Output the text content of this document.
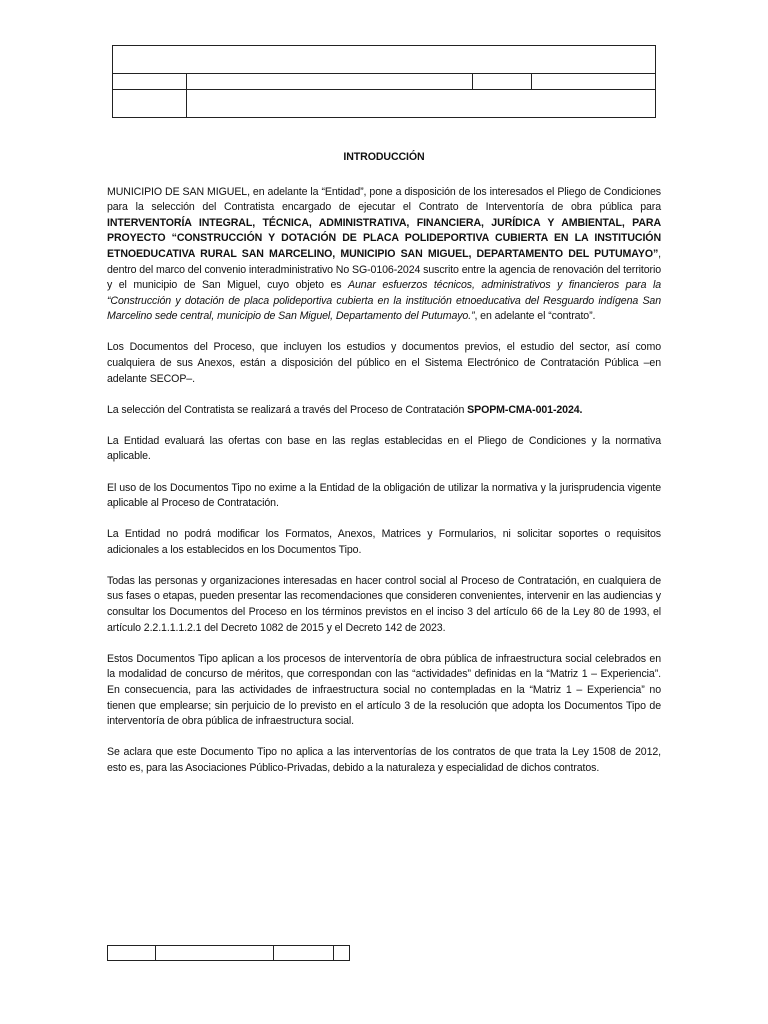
INTRODUCCIÓN

MUNICIPIO DE SAN MIGUEL, en adelante la “Entidad”, pone a disposición de los interesados el Pliego de Condiciones para la selección del Contratista encargado de ejecutar el Contrato de Interventoría de obra pública para INTERVENTORÍA INTEGRAL, TÉCNICA, ADMINISTRATIVA, FINANCIERA, JURÍDICA Y AMBIENTAL, PARA PROYECTO “CONSTRUCCIÓN Y DOTACIÓN DE PLACA POLIDEPORTIVA CUBIERTA EN LA INSTITUCIÓN ETNOEDUCATIVA RURAL SAN MARCELINO, MUNICIPIO SAN MIGUEL, DEPARTAMENTO DEL PUTUMAYO”, dentro del marco del convenio interadministrativo No SG-0106-2024 suscrito entre la agencia de renovación del territorio y el municipio de San Miguel, cuyo objeto es Aunar esfuerzos técnicos, administrativos y financieros para la “Construcción y dotación de placa polideportiva cubierta en la institución etnoeducativa del Resguardo indígena San Marcelino sede central, municipio de San Miguel, Departamento del Putumayo.”, en adelante el “contrato”.

Los Documentos del Proceso, que incluyen los estudios y documentos previos, el estudio del sector, así como cualquiera de sus Anexos, están a disposición del público en el Sistema Electrónico de Contratación Pública –en adelante SECOP–.

La selección del Contratista se realizará a través del Proceso de Contratación SPOPM-CMA-001-2024.

La Entidad evaluará las ofertas con base en las reglas establecidas en el Pliego de Condiciones y la normativa aplicable.

El uso de los Documentos Tipo no exime a la Entidad de la obligación de utilizar la normativa y la jurisprudencia vigente aplicable al Proceso de Contratación.

La Entidad no podrá modificar los Formatos, Anexos, Matrices y Formularios, ni solicitar soportes o requisitos adicionales a los establecidos en los Documentos Tipo.

Todas las personas y organizaciones interesadas en hacer control social al Proceso de Contratación, en cualquiera de sus fases o etapas, pueden presentar las recomendaciones que consideren convenientes, intervenir en las audiencias y consultar los Documentos del Proceso en los términos previstos en el inciso 3 del artículo 66 de la Ley 80 de 1993, el artículo 2.2.1.1.1.2.1 del Decreto 1082 de 2015 y el Decreto 142 de 2023.

Estos Documentos Tipo aplican a los procesos de interventoría de obra pública de infraestructura social celebrados en la modalidad de concurso de méritos, que correspondan con las “actividades” definidas en la “Matriz 1 – Experiencia”. En consecuencia, para las actividades de infraestructura social no contempladas en la “Matriz 1 – Experiencia” no tienen que emplearse; sin perjuicio de lo previsto en el artículo 3 de la resolución que adopta los Documentos Tipo de interventoría de obra pública de infraestructura social.

Se aclara que este Documento Tipo no aplica a las interventorías de los contratos de que trata la Ley 1508 de 2012, esto es, para las Asociaciones Público-Privadas, debido a la naturaleza y especialidad de dichos contratos.
